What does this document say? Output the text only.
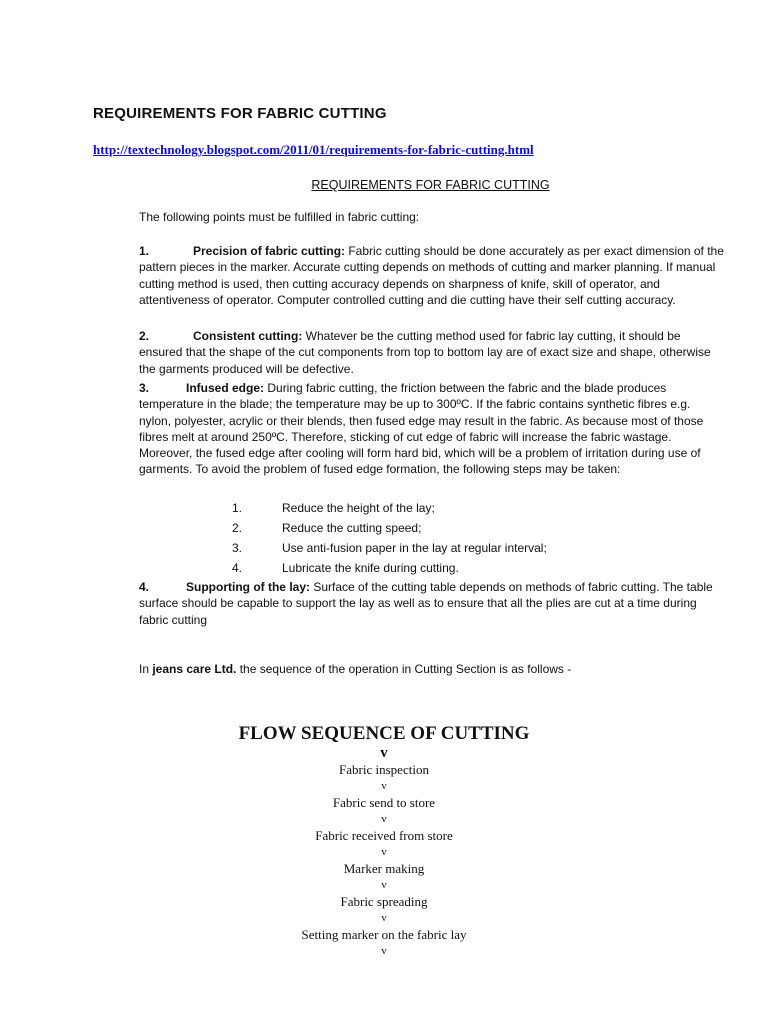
REQUIREMENTS FOR FABRIC CUTTING
http://textechnology.blogspot.com/2011/01/requirements-for-fabric-cutting.html
REQUIREMENTS FOR FABRIC CUTTING
The following points must be fulfilled in fabric cutting:
1.	Precision of fabric cutting: Fabric cutting should be done accurately as per exact dimension of the pattern pieces in the marker. Accurate cutting depends on methods of cutting and marker planning. If manual cutting method is used, then cutting accuracy depends on sharpness of knife, skill of operator, and attentiveness of operator. Computer controlled cutting and die cutting have their self cutting accuracy.
2.	Consistent cutting: Whatever be the cutting method used for fabric lay cutting, it should be ensured that the shape of the cut components from top to bottom lay are of exact size and shape, otherwise the garments produced will be defective.
3.	Infused edge: During fabric cutting, the friction between the fabric and the blade produces temperature in the blade; the temperature may be up to 300ºC. If the fabric contains synthetic fibres e.g. nylon, polyester, acrylic or their blends, then fused edge may result in the fabric. As because most of those fibres melt at around 250ºC. Therefore, sticking of cut edge of fabric will increase the fabric wastage. Moreover, the fused edge after cooling will form hard bid, which will be a problem of irritation during use of garments. To avoid the problem of fused edge formation, the following steps may be taken:
1.	Reduce the height of the lay;
2.	Reduce the cutting speed;
3.	Use anti-fusion paper in the lay at regular interval;
4.	Lubricate the knife during cutting.
4.	Supporting of the lay: Surface of the cutting table depends on methods of fabric cutting. The table surface should be capable to support the lay as well as to ensure that all the plies are cut at a time during fabric cutting
In jeans care Ltd. the sequence of the operation in Cutting Section is as follows -
FLOW SEQUENCE OF CUTTING
v
Fabric inspection
v
Fabric send to store
v
Fabric received from store
v
Marker making
v
Fabric spreading
v
Setting marker on the fabric lay
v
